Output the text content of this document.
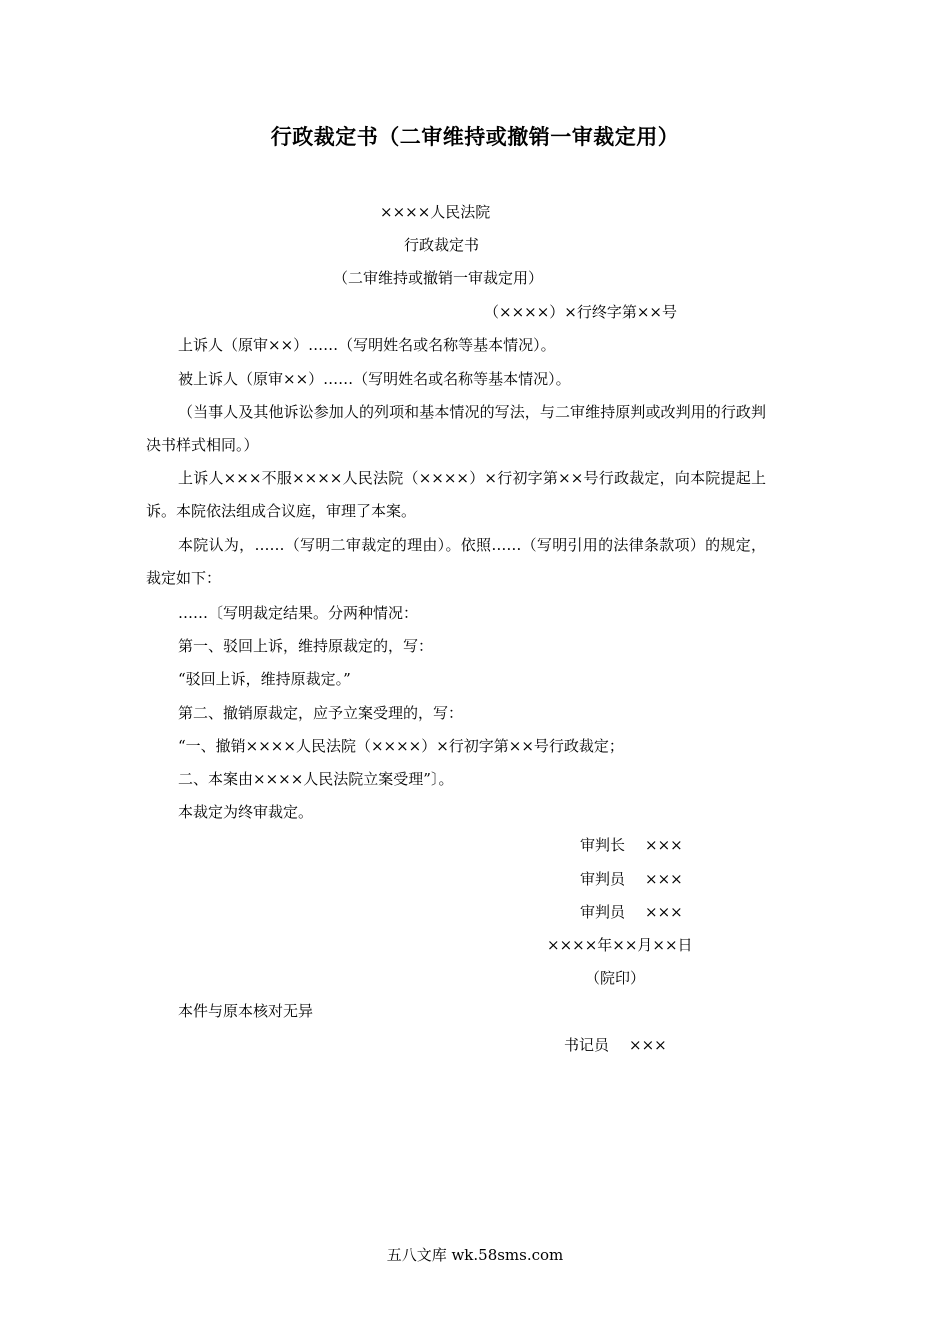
行政裁定书（二审维持或撤销一审裁定用）
××××人民法院
行政裁定书
（二审维持或撤销一审裁定用）
（××××）×行终字第××号
上诉人（原审××）……（写明姓名或名称等基本情况）。
被上诉人（原审××）……（写明姓名或名称等基本情况）。
（当事人及其他诉讼参加人的列项和基本情况的写法，与二审维持原判或改判用的行政判决书样式相同。）
上诉人×××不服××××人民法院（××××）×行初字第××号行政裁定，向本院提起上诉。本院依法组成合议庭，审理了本案。
本院认为，……（写明二审裁定的理由）。依照……（写明引用的法律条款项）的规定，裁定如下：
……〔写明裁定结果。分两种情况：
第一、驳回上诉，维持原裁定的，写：
“驳回上诉，维持原裁定。”
第二、撤销原裁定，应予立案受理的，写：
“一、撤销××××人民法院（××××）×行初字第××号行政裁定；
二、本案由××××人民法院立案受理”〕。
本裁定为终审裁定。
审判长 ×××
审判员 ×××
审判员 ×××
××××年××月××日
（院印）
本件与原本核对无异
书记员 ×××
五八文库 wk.58sms.com
